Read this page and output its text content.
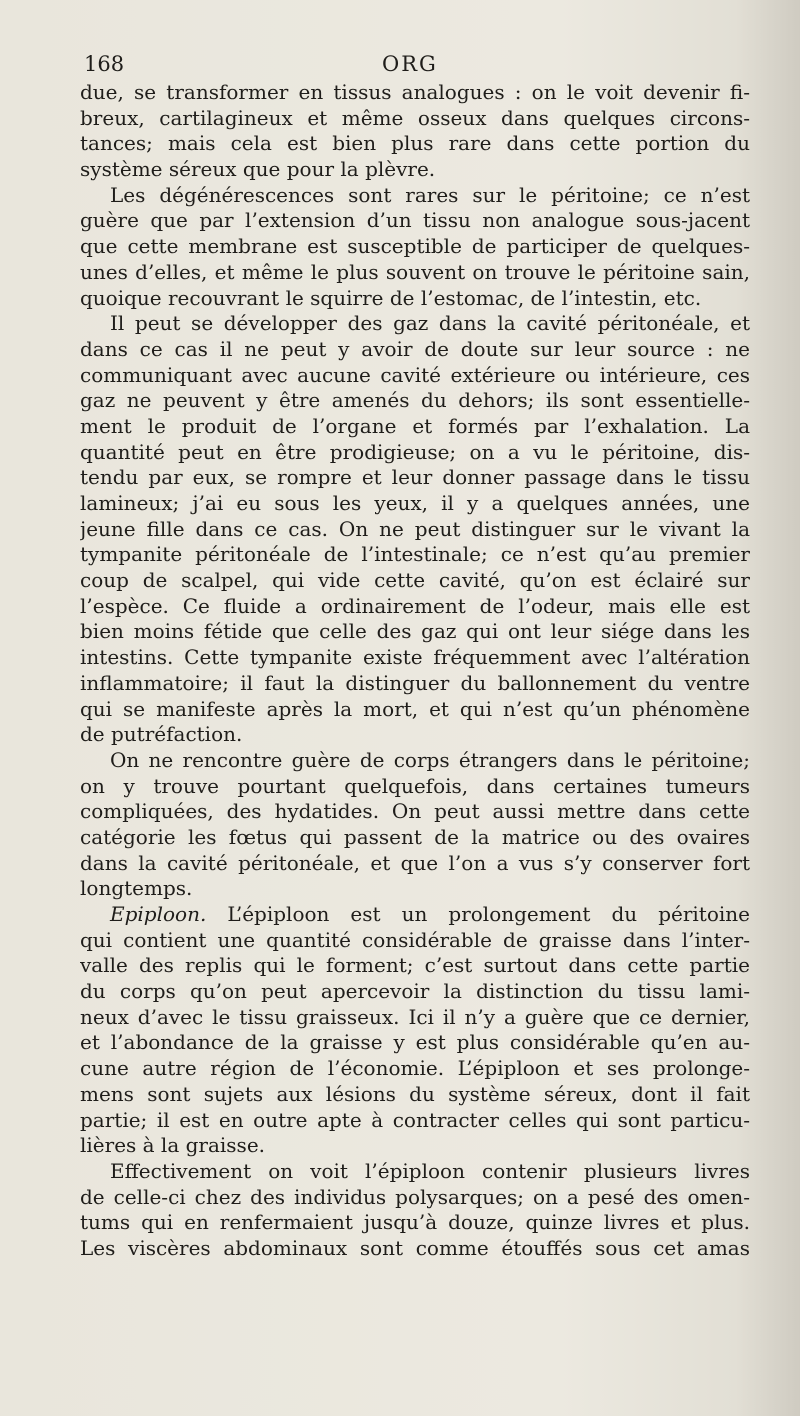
168	ORG
due, se transformer en tissus analogues : on le voit devenir fi-
breux, cartilagineux et même osseux dans quelques circons-
tances; mais cela est bien plus rare dans cette portion du
système séreux que pour la plèvre.
Les dégénérescences sont rares sur le péritoine; ce n’est
guère que par l’extension d’un tissu non analogue sous-jacent
que cette membrane est susceptible de participer de quelques-
unes d’elles, et même le plus souvent on trouve le péritoine sain,
quoique recouvrant le squirre de l’estomac, de l’intestin, etc.
Il peut se développer des gaz dans la cavité péritonéale, et
dans ce cas il ne peut y avoir de doute sur leur source : ne
communiquant avec aucune cavité extérieure ou intérieure, ces
gaz ne peuvent y être amenés du dehors; ils sont essentielle-
ment le produit de l’organe et formés par l’exhalation. La
quantité peut en être prodigieuse; on a vu le péritoine, dis-
tendu par eux, se rompre et leur donner passage dans le tissu
lamineux; j’ai eu sous les yeux, il y a quelques années, une
jeune fille dans ce cas. On ne peut distinguer sur le vivant la
tympanite péritonéale de l’intestinale; ce n’est qu’au premier
coup de scalpel, qui vide cette cavité, qu’on est éclairé sur
l’espèce. Ce fluide a ordinairement de l’odeur, mais elle est
bien moins fétide que celle des gaz qui ont leur siége dans les
intestins. Cette tympanite existe fréquemment avec l’altération
inflammatoire; il faut la distinguer du ballonnement du ventre
qui se manifeste après la mort, et qui n’est qu’un phénomène
de putréfaction.
On ne rencontre guère de corps étrangers dans le péritoine;
on y trouve pourtant quelquefois, dans certaines tumeurs
compliquées, des hydatides. On peut aussi mettre dans cette
catégorie les fœtus qui passent de la matrice ou des ovaires
dans la cavité péritonéale, et que l’on a vus s’y conserver fort
longtemps.
Epiploon. L’épiploon est un prolongement du péritoine
qui contient une quantité considérable de graisse dans l’inter-
valle des replis qui le forment; c’est surtout dans cette partie
du corps qu’on peut apercevoir la distinction du tissu lami-
neux d’avec le tissu graisseux. Ici il n’y a guère que ce dernier,
et l’abondance de la graisse y est plus considérable qu’en au-
cune autre région de l’économie. L’épiploon et ses prolonge-
mens sont sujets aux lésions du système séreux, dont il fait
partie; il est en outre apte à contracter celles qui sont particu-
lières à la graisse.
Effectivement on voit l’épiploon contenir plusieurs livres
de celle-ci chez des individus polysarques; on a pesé des omen-
tums qui en renfermaient jusqu’à douze, quinze livres et plus.
Les viscères abdominaux sont comme étouffés sous cet amas
